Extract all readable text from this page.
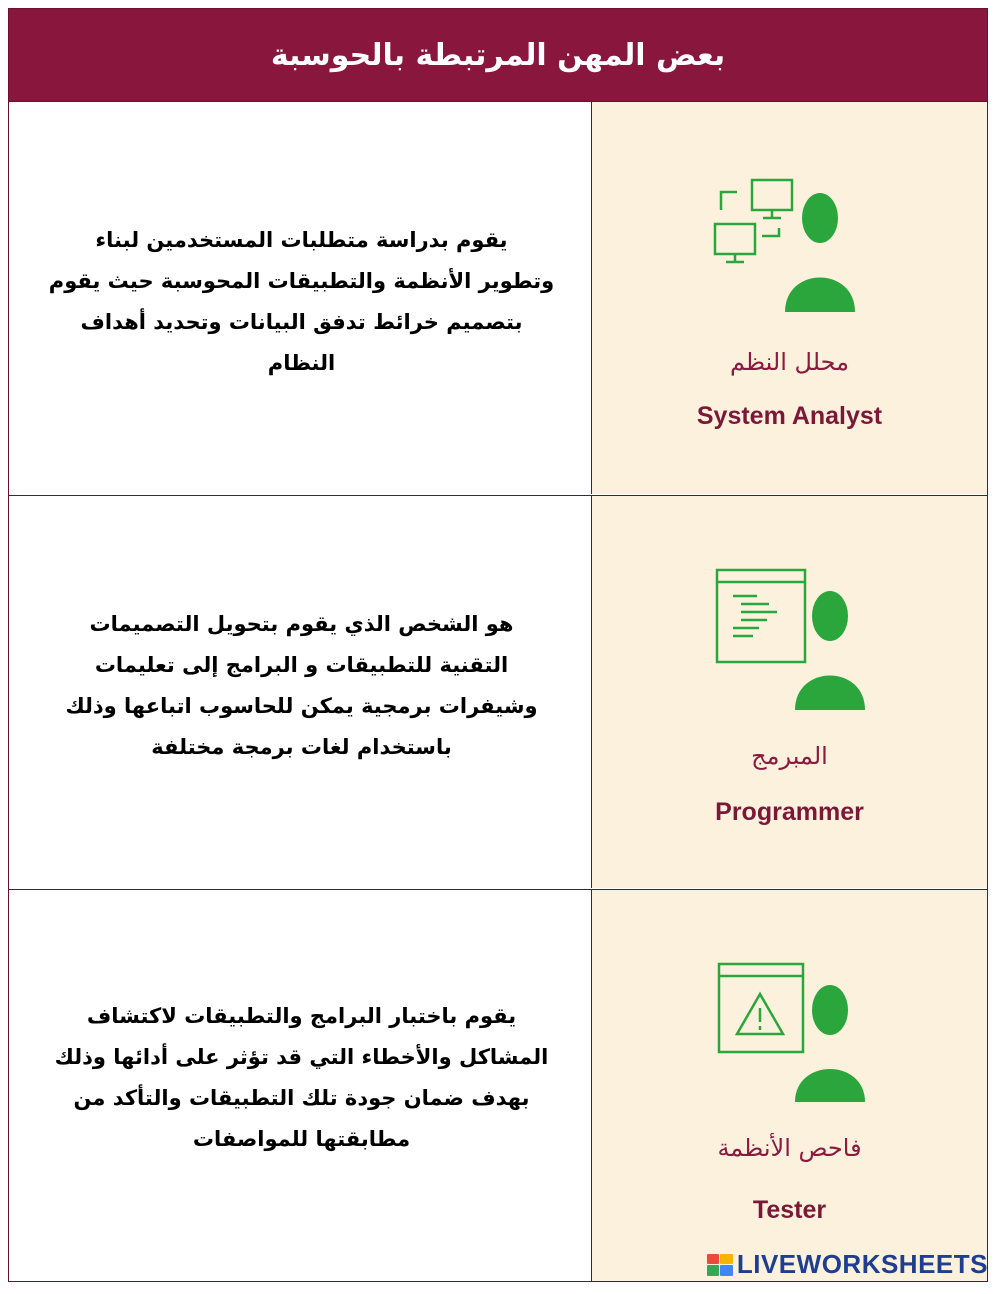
بعض المهن المرتبطة بالحوسبة
يقوم بدراسة متطلبات المستخدمين لبناء
وتطوير الأنظمة والتطبيقات المحوسبة حيث يقوم
بتصميم خرائط تدفق البيانات وتحديد أهداف
النظام	محلل النظم
System Analyst
هو الشخص الذي يقوم بتحويل التصميمات
التقنية للتطبيقات و البرامج إلى تعليمات
وشيفرات برمجية يمكن للحاسوب اتباعها وذلك
باستخدام لغات برمجة مختلفة	المبرمج
Programmer
يقوم باختبار البرامج والتطبيقات لاكتشاف
المشاكل والأخطاء التي قد تؤثر على أدائها وذلك
بهدف ضمان جودة تلك التطبيقات والتأكد من
مطابقتها للمواصفات	فاحص الأنظمة
Tester
LIVEWORKSHEETS
